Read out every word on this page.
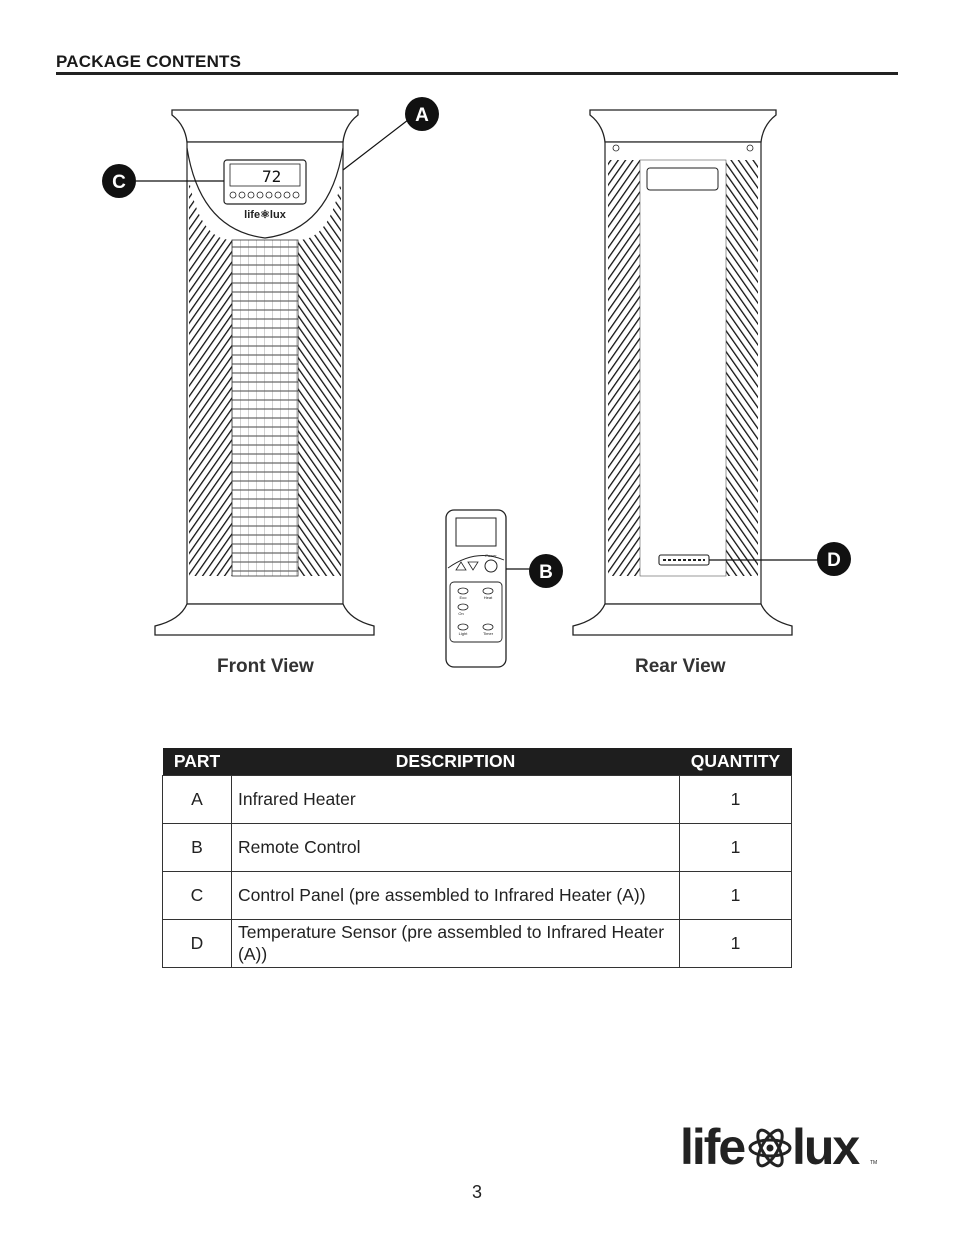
PACKAGE CONTENTS
72
life⚛lux
A
C
Power
Eco	Heat
On
Light	Timer
B
D
Front View	Rear View
PART	DESCRIPTION	QUANTITY
A	Infrared Heater	1
B	Remote Control	1
C	Control Panel (pre assembled to Infrared Heater (A))	1
D	Temperature Sensor (pre assembled to Infrared Heater (A))	1
life lux	TM
3
